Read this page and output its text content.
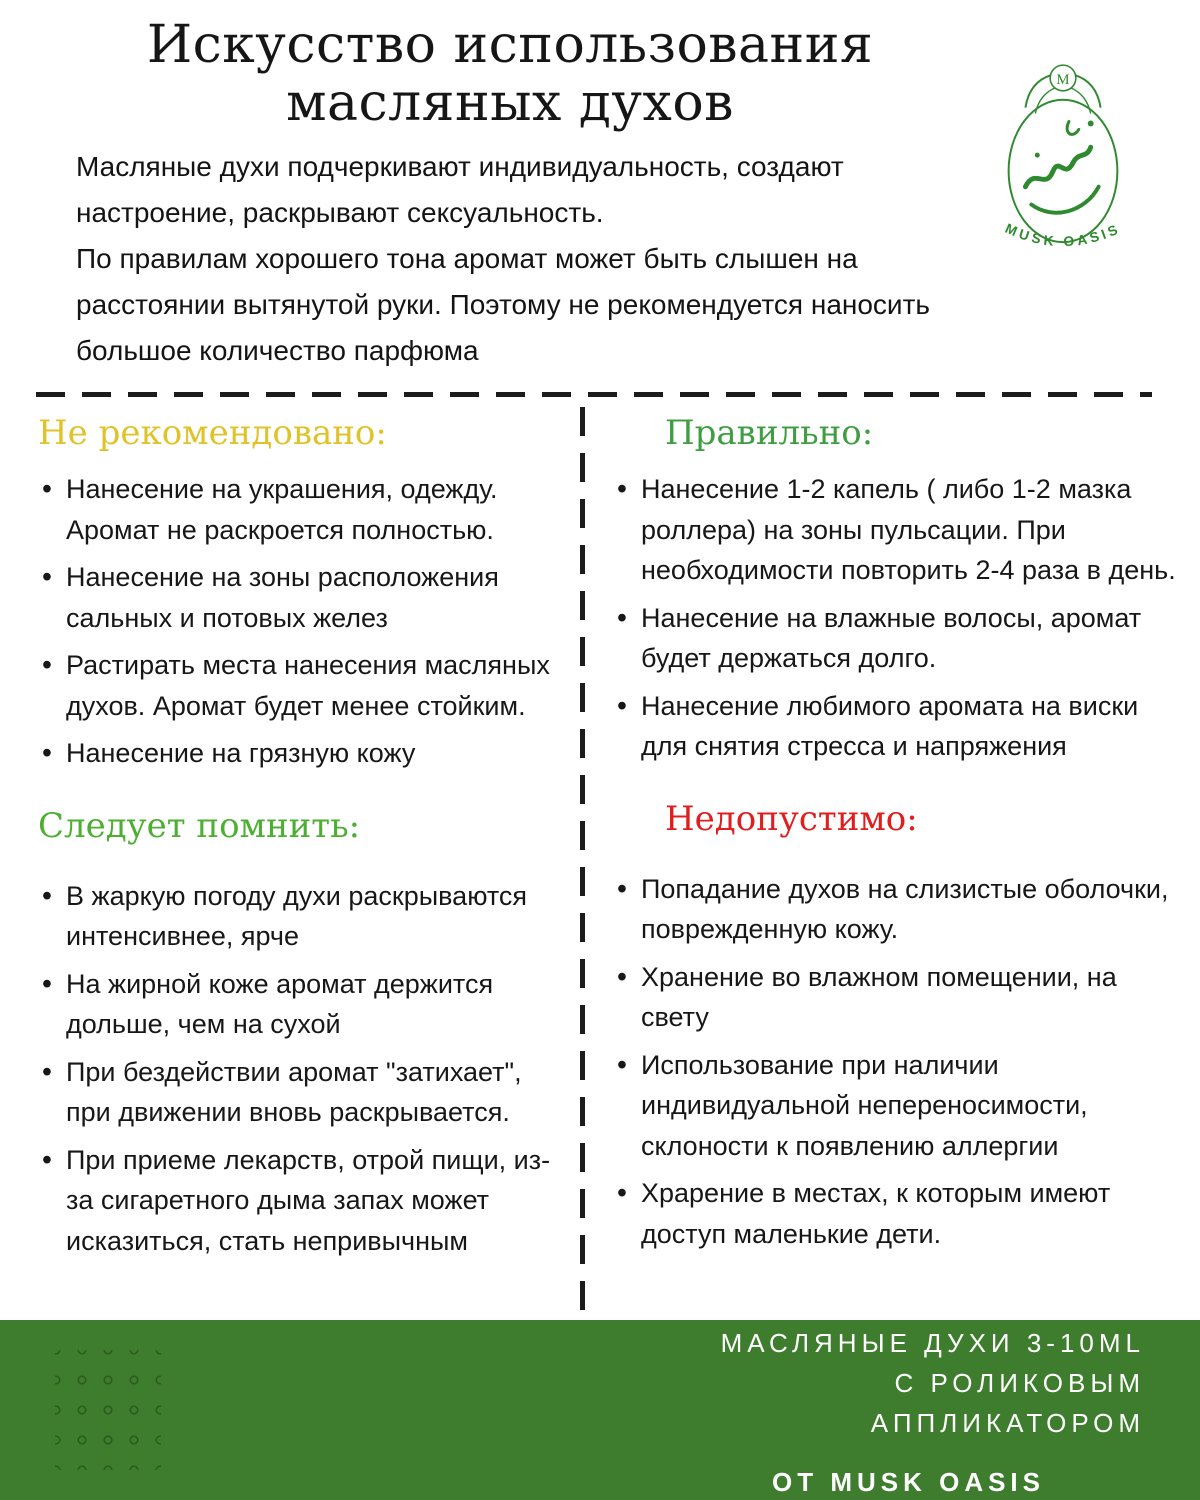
Искусство использования
масляных духов

Масляные духи подчеркивают индивидуальность, создают настроение, раскрывают сексуальность.

По правилам хорошего тона аромат может быть слышен на расстоянии вытянутой руки. Поэтому не рекомендуется наносить большое количество парфюма

M
MUSK OASIS
Не рекомендовано:
• Нанесение на украшения, одежду. Аромат не раскроется полностью.
• Нанесение на зоны расположения сальных и потовых желез
• Растирать места нанесения масляных духов. Аромат будет менее стойким.
• Нанесение на грязную кожу
Следует помнить:
• В жаркую погоду духи раскрываются интенсивнее, ярче
• На жирной коже аромат держится дольше, чем на сухой
• При бездействии аромат "затихает", при движении вновь раскрывается.
• При приеме лекарств, отрой пищи, из-за сигаретного дыма запах может исказиться, стать непривычным
Правильно:
• Нанесение 1-2 капель ( либо 1-2 мазка роллера) на зоны пульсации. При необходимости повторить 2-4 раза в день.
• Нанесение на влажные волосы, аромат будет держаться долго.
• Нанесение любимого аромата на виски для снятия стресса и напряжения
Недопустимо:
• Попадание духов на слизистые оболочки, поврежденную кожу.
• Хранение во влажном помещении, на свету
• Использование при наличии индивидуальной непереносимости, склоности к появлению аллергии
• Храрение в местах, к которым имеют доступ маленькие дети.

МАСЛЯНЫЕ ДУХИ 3-10ML

С РОЛИКОВЫМ АППЛИКАТОРОМ

ОТ MUSK OASIS
